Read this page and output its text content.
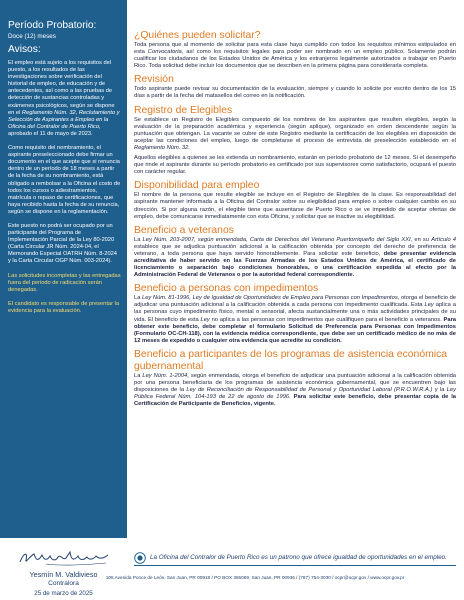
Período Probatorio:
Doce (12) meses
Avisos:
El empleo está sujeto a los requisitos del puesto, a los resultados de las investigaciones sobre verificación del historial de empleo, de educación y de antecedentes, así como a las pruebas de detección de sustancias controladas y exámenes psicológicos, según se dispone en el Reglamento Núm. 32, Reclutamiento y Selección de Aspirantes a Empleo en la Oficina del Contralor de Puerto Rico, aprobado el 11 de mayo de 2023.
Como requisito del nombramiento, el aspirante preseleccionado debe firmar un documento en el que acepte que si renuncia dentro de un período de 18 meses a partir de la fecha de su nombramiento, está obligado a rembolsar a la Oficina el costo de todos los cursos o adiestramientos, matrícula o repaso de certificaciones, que haya recibido hasta la fecha de su renuncia, según se dispone en la reglamentación.
Este puesto no podrá ser ocupado por un participante del Programa de Implementación Parcial de la Ley 80-2020 (Carta Circular JR Núm. 2024-04, el Memorando Especial OATRH Núm. 8-2024 y la Carta Circular OGP Núm. 003-2024).
Las solicitudes incompletas y las entregadas fuera del periodo de radicación serán denegadas.
El candidato es responsable de presentar la evidencia para la evaluación.
Yesmín M. Valdivieso
Contralora
25 de marzo de 2025
¿Quiénes pueden solicitar?
Toda persona que al momento de solicitar para esta clase haya cumplido con todos los requisitos mínimos estipulados en esta Convocatoria, así como los requisitos legales para poder ser nombrado en un empleo público. Solamente podrán cualificar los ciudadanos de los Estados Unidos de América y los extranjeros legalmente autorizados a trabajar en Puerto Rico. Toda solicitud debe incluir los documentos que se describen en la primera página para considerarla completa.
Revisión
Todo aspirante puede revisar su documentación de la evaluación, siempre y cuando lo solicite por escrito dentro de los 15 días a partir de la fecha del matasellos del correo en la notificación.
Registro de Elegibles
Se establece un Registro de Elegibles compuesto de los nombres de los aspirantes que resulten elegibles, según la evaluación de la preparación académica y experiencia (según aplique), organizado en orden descendente según la puntuación que obtengan. La vacante se cubre de este Registro mediante la certificación de los elegibles en disposición de aceptar las condiciones del empleo, luego de completarse el proceso de entrevista de preselección establecido en el Reglamento Núm. 32.
Aquellos elegibles a quienes se les extienda un nombramiento, estarán en período probatorio de 12 meses. Si el desempeño que rinde el aspirante durante su período probatorio es certificado por sus supervisores como satisfactorio, ocupará el puesto con carácter regular.
Disponibilidad para empleo
El nombre de la persona que resulte elegible se incluye en el Registro de Elegibles de la clase. Es responsabilidad del aspirante mantener informada a la Oficina del Contralor sobre su elegibilidad para empleo o sobre cualquier cambio en su dirección. Si por alguna razón, el elegible tiene que ausentarse de Puerto Rico o se ve impedido de aceptar ofertas de empleo, debe comunicarse inmediatamente con esta Oficina, y solicitar que se inactive su elegibilidad.
Beneficio a veteranos
La Ley Núm. 203-2007, según enmendada, Carta de Derechos del Veterano Puertorriqueño del Siglo XXI, en su Artículo 4 establece que se adjudica puntuación adicional a la calificación obtenida por concepto del derecho de preferencia de veterano, a toda persona que haya servido honorablemente. Para solicitar este beneficio, debe presentar evidencia acreditativa de haber servido en las Fuerzas Armadas de los Estados Unidos de América, el certificado de licenciamiento o separación bajo condiciones honorables, o una certificación expedida al efecto por la Administración Federal de Veteranos o por la autoridad federal correspondiente.
Beneficio a personas con impedimentos
La Ley Núm. 81-1996, Ley de Igualdad de Oportunidades de Empleo para Personas con Impedimentos, otorga el beneficio de adjudicar una puntuación adicional a la calificación obtenida a cada persona con impedimento cualificada. Esta Ley aplica a las personas cuyo impedimento físico, mental o sensorial, afecta sustancialmente una o más actividades principales de su vida. El beneficio de esta Ley no aplica a las personas con impedimentos que cualifiquen para el beneficio a veteranos. Para obtener este beneficio, debe completar el formulario Solicitud de Preferencia para Personas con Impedimentos (Formulario OC-CH-118), con la evidencia médica correspondiente, que debe ser un certificado médico de no más de 12 meses de expedido o cualquier otra evidencia que acredite su condición.
Beneficio a participantes de los programas de asistencia económica gubernamental
La Ley Núm. 1-2004, según enmendada, otorga el beneficio de adjudicar una puntuación adicional a la calificación obtenida por una persona beneficiaria de los programas de asistencia económica gubernamental, que se encuentren bajo las disposiciones de la Ley de Reconciliación de Responsabilidad de Personal y Oportunidad Laboral (P.R.O.W.R.A.) y la Ley Pública Federal Núm. 104-193 de 22 de agosto de 1996. Para solicitar este beneficio, debe presentar copia de la Certificación de Participante de Beneficios, vigente.
La Oficina del Contralor de Puerto Rico es un patrono que ofrece igualdad de oportunidades en el empleo.
105 Avenida Ponce de León, San Juan, PR 00918 / PO BOX 366069, San Juan, PR 00936 / (787) 754-3030 / ocpr@ocpr.gov / www.ocpr.gov.pr
